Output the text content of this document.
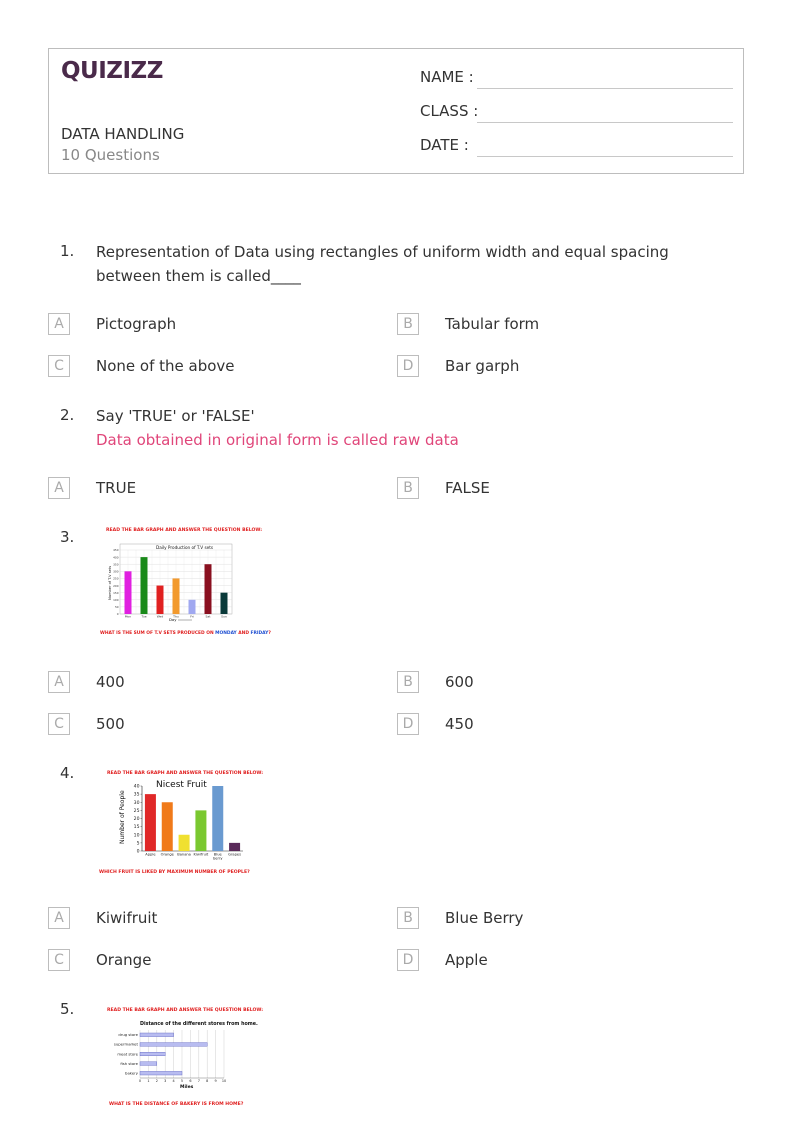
QUIZIZZ
DATA HANDLING
10 Questions
NAME :
CLASS :
DATE :
1. Representation of Data using rectangles of uniform width and equal spacing between them is called____
A	Pictograph	B	Tabular form
C	None of the above	D	Bar garph
2. Say 'TRUE' or 'FALSE'
Data obtained in original form is called raw data
A	TRUE	B	FALSE
3.	READ THE BAR GRAPH AND ANSWER THE QUESTION BELOW:
Daily Production of T.V sets
Number of T.V sets
0
50
100
150
200
250
300
350
400
450
Mon	Tue	Wed	Thu	Fri	Sat	Sun
Day
WHAT IS THE SUM OF T.V SETS PRODUCED ON MONDAY AND FRIDAY?
A	400	B	600
C	500	D	450
4.	READ THE BAR GRAPH AND ANSWER THE QUESTION BELOW:
Nicest Fruit
Number of People
0
5
10
15
20
25
30
35
40
Apple Orange Banana Kiwifruit Blue
berry
Grapes
WHICH FRUIT IS LIKED BY MAXIMUM NUMBER OF PEOPLE?
A	Kiwifruit	B	Blue Berry
C	Orange	D	Apple
5.	READ THE BAR GRAPH AND ANSWER THE QUESTION BELOW:
Distance of the different stores from home.
drug store
supermarket
meat store
fish store
bakery
0 1 2 3 4 5 6 7 8 9 10
Miles
WHAT IS THE DISTANCE OF BAKERY IS FROM HOME?
